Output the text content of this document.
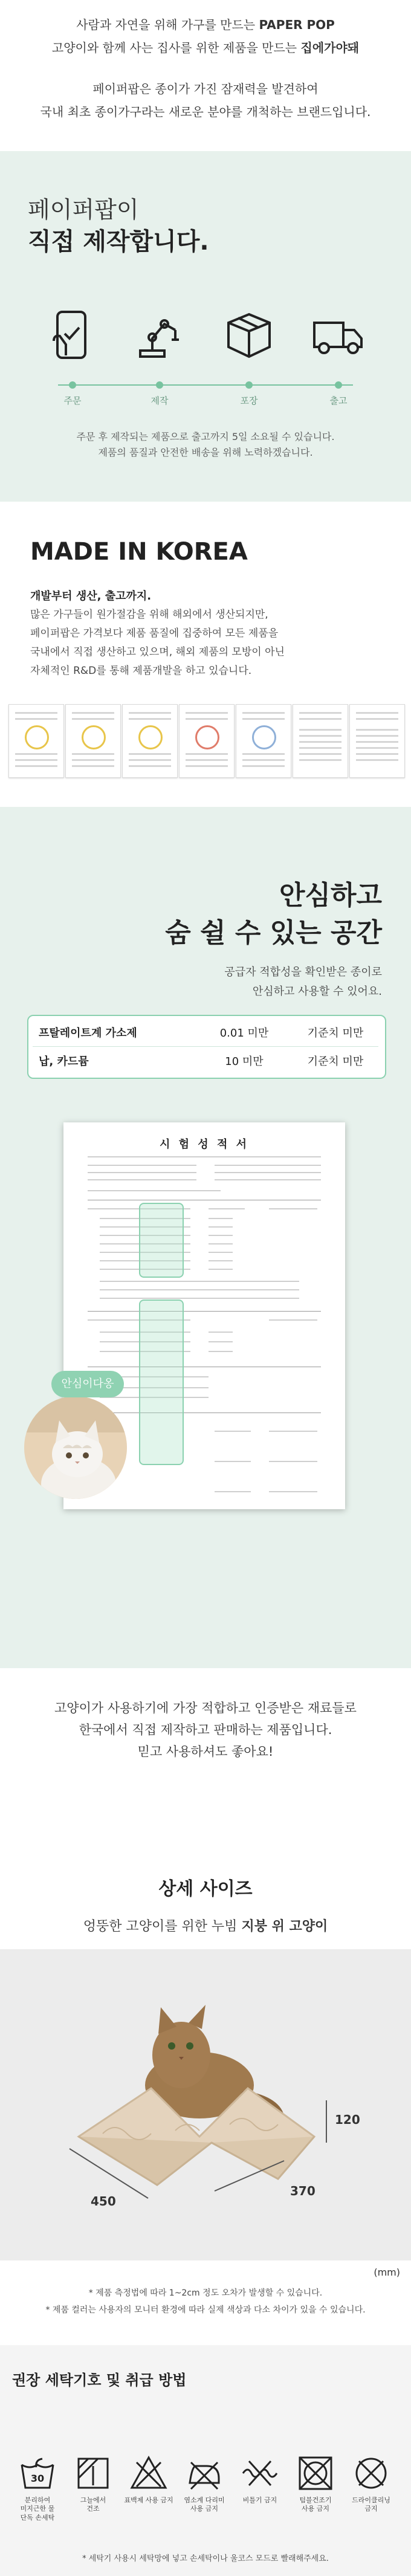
사람과 자연을 위해 가구를 만드는 PAPER POP
고양이와 함께 사는 집사를 위한 제품을 만드는 집에가야돼
페이퍼팝은 종이가 가진 잠재력을 발견하여
국내 최초 종이가구라는 새로운 분야를 개척하는 브랜드입니다.
페이퍼팝이
직접 제작합니다.
주문	제작	포장	출고
주문 후 제작되는 제품으로 출고까지 5일 소요될 수 있습니다.
제품의 품질과 안전한 배송을 위해 노력하겠습니다.
MADE IN KOREA
개발부터 생산, 출고까지.
많은 가구들이 원가절감을 위해 해외에서 생산되지만,
페이퍼팝은 가격보다 제품 품질에 집중하여 모든 제품을
국내에서 직접 생산하고 있으며, 해외 제품의 모방이 아닌
자체적인 R&D를 통해 제품개발을 하고 있습니다.
안심하고
숨 쉴 수 있는 공간
공급자 적합성을 확인받은 종이로
안심하고 사용할 수 있어요.
프탈레이트계 가소제	0.01 미만	기준치 미만
납, 카드뮴	10 미만	기준치 미만
시 험 성 적 서
안심이다옹
고양이가 사용하기에 가장 적합하고 인증받은 재료들로
한국에서 직접 제작하고 판매하는 제품입니다.
믿고 사용하셔도 좋아요!
상세 사이즈
엉뚱한 고양이를 위한 누빔 지붕 위 고양이
450
370
120
(mm)
* 제품 측정법에 따라 1~2cm 정도 오차가 발생할 수 있습니다.
* 제품 컬러는 사용자의 모니터 환경에 따라 실제 색상과 다소 차이가 있을 수 있습니다.
권장 세탁기호 및 취급 방법
30
분리하여
미지근한 물
단독 손세탁
그늘에서
건조
표백제 사용 금지	염소계 다리미
사용 금지
비틀기 금지	텀블건조기
사용 금지
드라이클리닝
금지
* 세탁기 사용시 세탁망에 넣고 손세탁이나 울코스 모드로 빨래해주세요.
